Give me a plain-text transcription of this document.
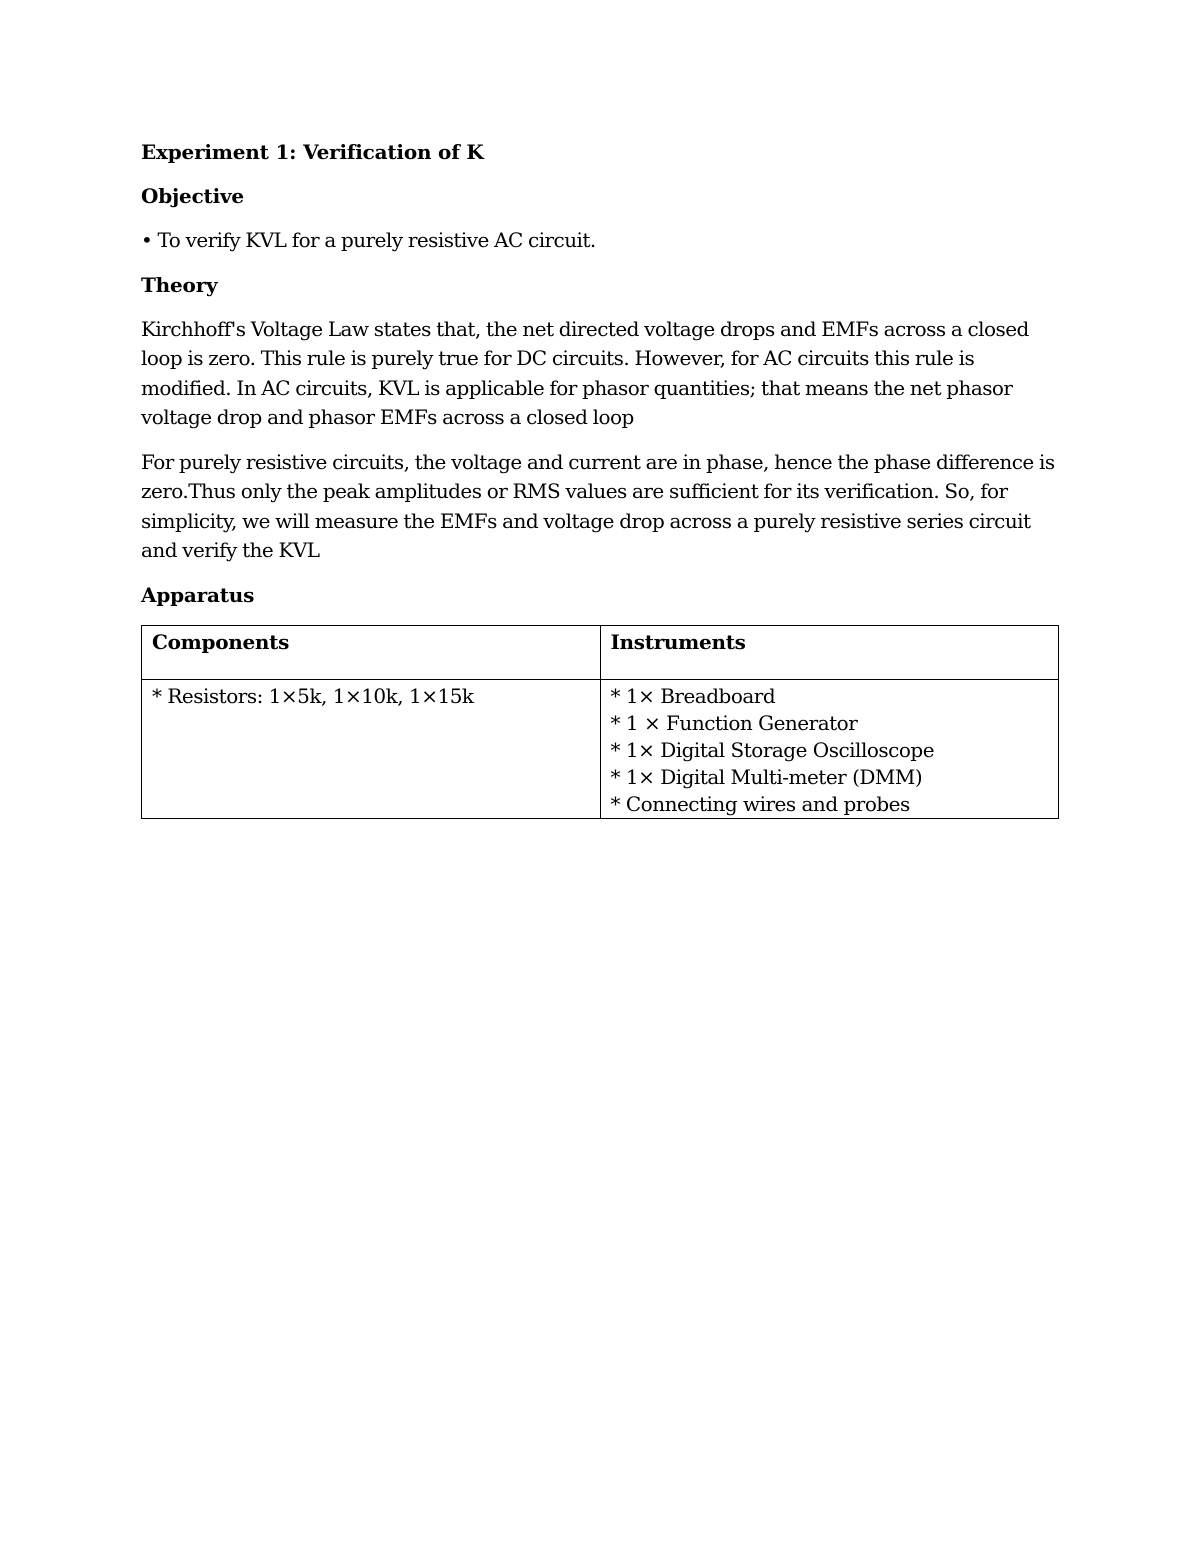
Experiment 1: Verification of K
Objective
• To verify KVL for a purely resistive AC circuit.
Theory
Kirchhoff's Voltage Law states that, the net directed voltage drops and EMFs across a closed loop is zero. This rule is purely true for DC circuits. However, for AC circuits this rule is modified. In AC circuits, KVL is applicable for phasor quantities; that means the net phasor voltage drop and phasor EMFs across a closed loop
For purely resistive circuits, the voltage and current are in phase, hence the phase difference is zero.Thus only the peak amplitudes or RMS values are sufficient for its verification. So, for simplicity, we will measure the EMFs and voltage drop across a purely resistive series circuit and verify the KVL
Apparatus
Components	Instruments

* Resistors: 1×5k, 1×10k, 1×15k	* 1× Breadboard
* 1 × Function Generator
* 1× Digital Storage Oscilloscope
* 1× Digital Multi-meter (DMM)
* Connecting wires and probes
